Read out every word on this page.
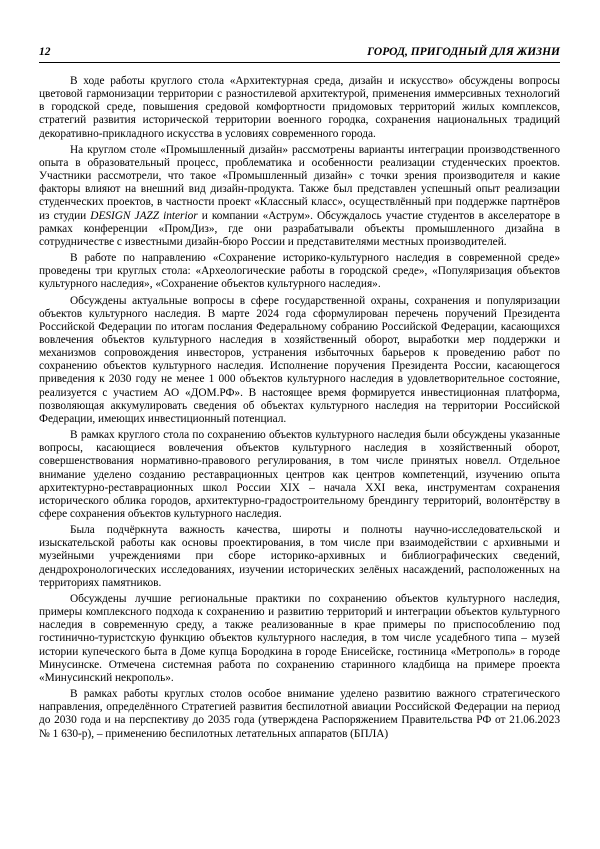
12	ГОРОД, ПРИГОДНЫЙ ДЛЯ ЖИЗНИ

В ходе работы круглого стола «Архитектурная среда, дизайн и искусство» обсуждены вопросы цветовой гармонизации территории с разностилевой архитектурой, применения иммерсивных технологий в городской среде, повышения средовой комфортности придомовых территорий жилых комплексов, стратегий развития исторической территории военного городка, сохранения национальных традиций декоративно-прикладного искусства в условиях современного города.

На круглом столе «Промышленный дизайн» рассмотрены варианты интеграции производственного опыта в образовательный процесс, проблематика и особенности реализации студенческих проектов. Участники рассмотрели, что такое «Промышленный дизайн» с точки зрения производителя и какие факторы влияют на внешний вид дизайн-продукта. Также был представлен успешный опыт реализации студенческих проектов, в частности проект «Классный класс», осуществлённый при поддержке партнёров из студии DESIGN JAZZ interior и компании «Аструм». Обсуждалось участие студентов в акселераторе в рамках конференции «ПромДиз», где они разрабатывали объекты промышленного дизайна в сотрудничестве с известными дизайн-бюро России и представителями местных производителей.

В работе по направлению «Сохранение историко-культурного наследия в современной среде» проведены три круглых стола: «Археологические работы в городской среде», «Популяризация объектов культурного наследия», «Сохранение объектов культурного наследия».

Обсуждены актуальные вопросы в сфере государственной охраны, сохранения и популяризации объектов культурного наследия. В марте 2024 года сформулирован перечень поручений Президента Российской Федерации по итогам послания Федеральному собранию Российской Федерации, касающихся вовлечения объектов культурного наследия в хозяйственный оборот, выработки мер поддержки и механизмов сопровождения инвесторов, устранения избыточных барьеров к проведению работ по сохранению объектов культурного наследия. Исполнение поручения Президента России, касающегося приведения к 2030 году не менее 1 000 объектов культурного наследия в удовлетворительное состояние, реализуется с участием АО «ДОМ.РФ». В настоящее время формируется инвестиционная платформа, позволяющая аккумулировать сведения об объектах культурного наследия на территории Российской Федерации, имеющих инвестиционный потенциал.

В рамках круглого стола по сохранению объектов культурного наследия были обсуждены указанные вопросы, касающиеся вовлечения объектов культурного наследия в хозяйственный оборот, совершенствования нормативно-правового регулирования, в том числе принятых новелл. Отдельное внимание уделено созданию реставрационных центров как центров компетенций, изучению опыта архитектурно-реставрационных школ России XIX – начала XXI века, инструментам сохранения исторического облика городов, архитектурно-градостроительному брендингу территорий, волонтёрству в сфере сохранения объектов культурного наследия.

Была подчёркнута важность качества, широты и полноты научно-исследовательской и изыскательской работы как основы проектирования, в том числе при взаимодействии с архивными и музейными учреждениями при сборе историко-архивных и библиографических сведений, дендрохронологических исследованиях, изучении исторических зелёных насаждений, расположенных на территориях памятников.

Обсуждены лучшие региональные практики по сохранению объектов культурного наследия, примеры комплексного подхода к сохранению и развитию территорий и интеграции объектов культурного наследия в современную среду, а также реализованные в крае примеры по приспособлению под гостинично-туристскую функцию объектов культурного наследия, в том числе усадебного типа – музей истории купеческого быта в Доме купца Бородкина в городе Енисейске, гостиница «Метрополь» в городе Минусинске. Отмечена системная работа по сохранению старинного кладбища на примере проекта «Минусинский некрополь».

В рамках работы круглых столов особое внимание уделено развитию важного стратегического направления, определённого Стратегией развития беспилотной авиации Российской Федерации на период до 2030 года и на перспективу до 2035 года (утверждена Распоряжением Правительства РФ от 21.06.2023 № 1 630-р), – применению беспилотных летательных аппаратов (БПЛА)
